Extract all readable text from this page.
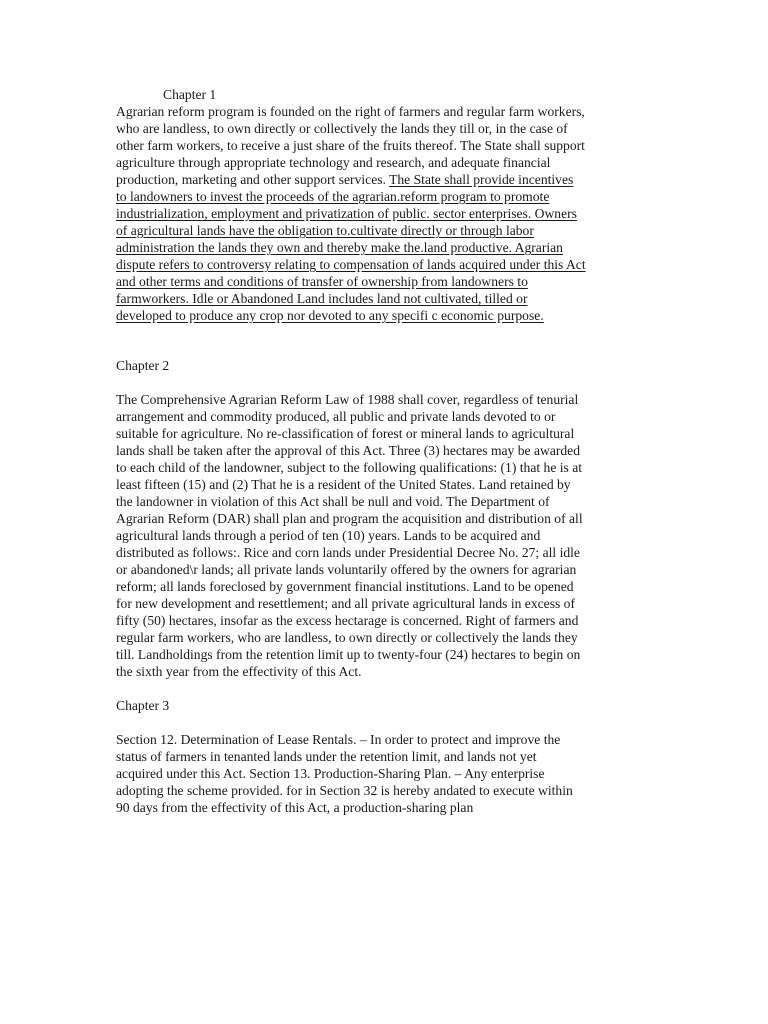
Chapter 1
Agrarian reform program is founded on the right of farmers and regular farm workers,
who are landless, to own directly or collectively the lands they till or, in the case of
other farm workers, to receive a just share of the fruits thereof. The State shall support
agriculture through appropriate technology and research, and adequate financial
production, marketing and other support services. The State shall provide incentives
to landowners to invest the proceeds of the agrarian.reform program to promote
industrialization, employment and privatization of public. sector enterprises. Owners
of agricultural lands have the obligation to.cultivate directly or through labor
administration the lands they own and thereby make the.land productive. Agrarian
dispute refers to controversy relating to compensation of lands acquired under this Act
and other terms and conditions of transfer of ownership from landowners to
farmworkers. Idle or Abandoned Land includes land not cultivated, tilled or
developed to produce any crop nor devoted to any specifi c economic purpose.
Chapter 2
The Comprehensive Agrarian Reform Law of 1988 shall cover, regardless of tenurial
arrangement and commodity produced, all public and private lands devoted to or
suitable for agriculture. No re-classification of forest or mineral lands to agricultural
lands shall be taken after the approval of this Act. Three (3) hectares may be awarded
to each child of the landowner, subject to the following qualifications: (1) that he is at
least fifteen (15) and (2) That he is a resident of the United States. Land retained by
the landowner in violation of this Act shall be null and void. The Department of
Agrarian Reform (DAR) shall plan and program the acquisition and distribution of all
agricultural lands through a period of ten (10) years. Lands to be acquired and
distributed as follows:. Rice and corn lands under Presidential Decree No. 27; all idle
or abandoned\r lands; all private lands voluntarily offered by the owners for agrarian
reform; all lands foreclosed by government financial institutions. Land to be opened
for new development and resettlement; and all private agricultural lands in excess of
fifty (50) hectares, insofar as the excess hectarage is concerned. Right of farmers and
regular farm workers, who are landless, to own directly or collectively the lands they
till. Landholdings from the retention limit up to twenty-four (24) hectares to begin on
the sixth year from the effectivity of this Act.
Chapter 3
Section 12. Determination of Lease Rentals. – In order to protect and improve the
status of farmers in tenanted lands under the retention limit, and lands not yet
acquired under this Act. Section 13. Production-Sharing Plan. – Any enterprise
adopting the scheme provided. for in Section 32 is hereby andated to execute within
90 days from the effectivity of this Act, a production-sharing plan
